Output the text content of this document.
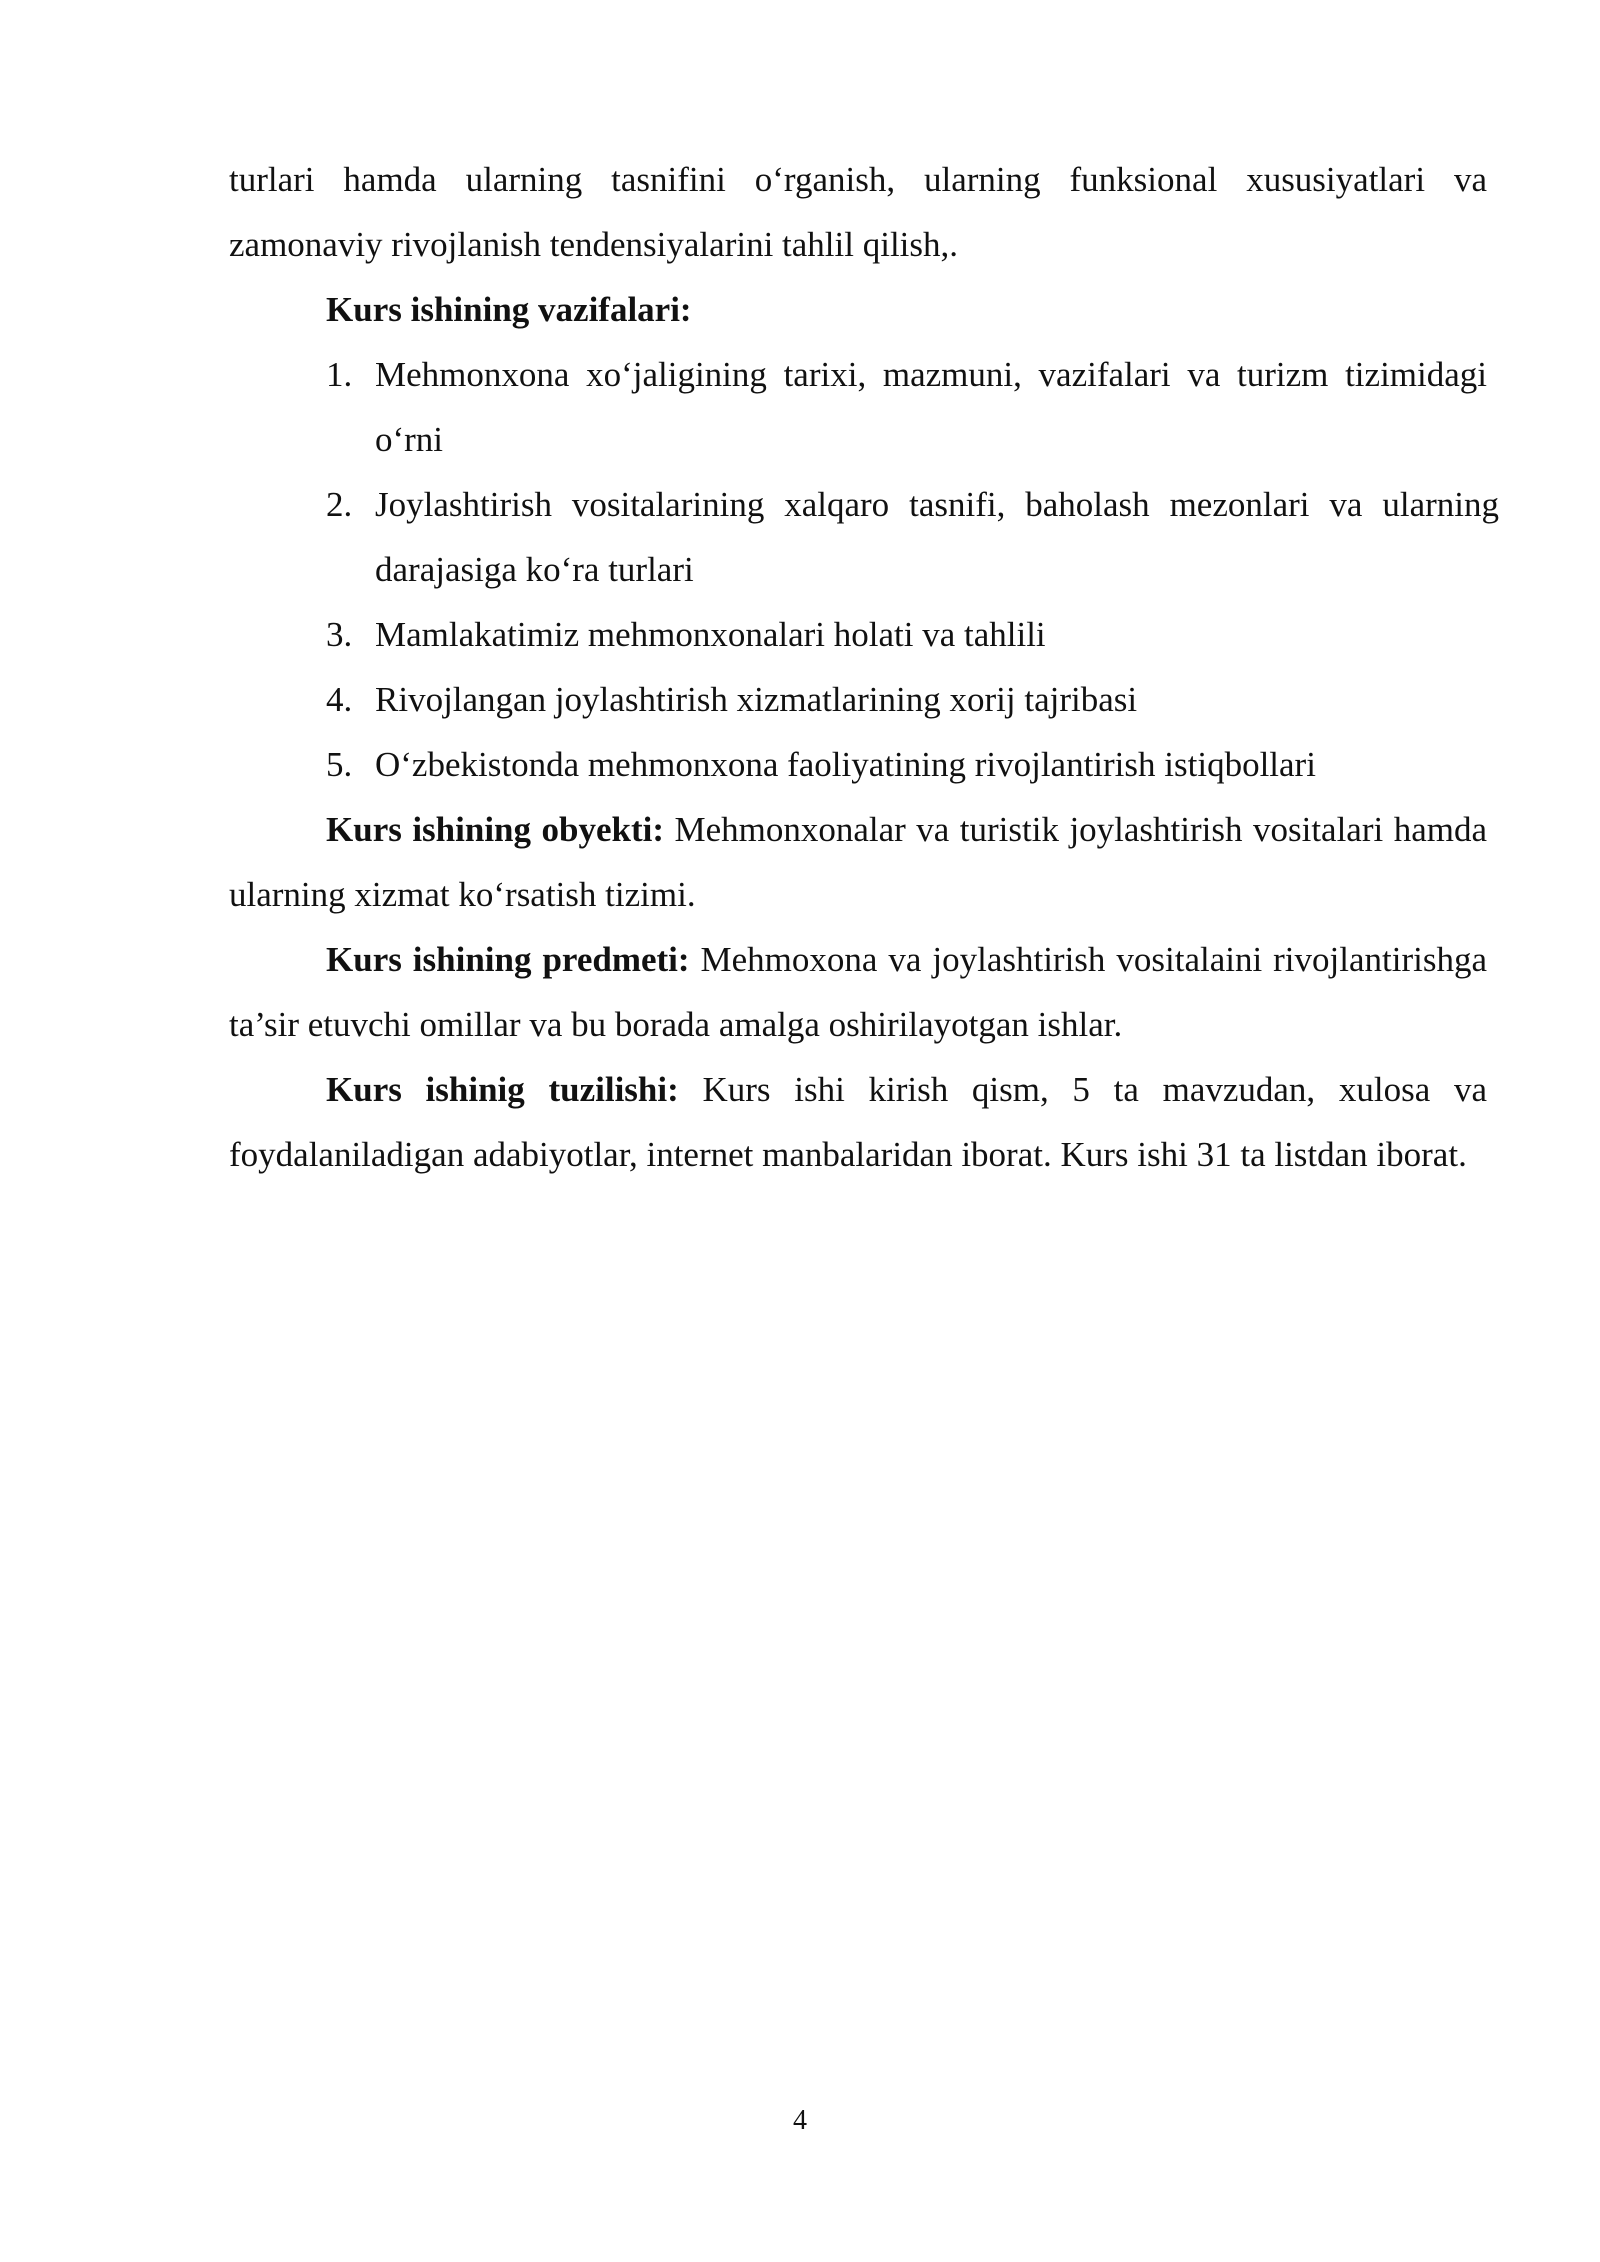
turlari hamda ularning tasnifini o‘rganish, ularning funksional xususiyatlari va zamonaviy rivojlanish tendensiyalarini tahlil qilish,.

Kurs ishining vazifalari:

1. Mehmonxona xo‘jaligining tarixi, mazmuni, vazifalari va turizm tizimidagi o‘rni
2. Joylashtirish vositalarining xalqaro tasnifi, baholash mezonlari va ularning darajasiga ko‘ra turlari
3. Mamlakatimiz mehmonxonalari holati va tahlili
4. Rivojlangan joylashtirish xizmatlarining xorij tajribasi
5. O‘zbekistonda mehmonxona faoliyatining rivojlantirish istiqbollari

Kurs ishining obyekti: Mehmonxonalar va turistik joylashtirish vositalari hamda ularning xizmat ko‘rsatish tizimi.

Kurs ishining predmeti: Mehmoxona va joylashtirish vositalaini rivojlantirishga ta’sir etuvchi omillar va bu borada amalga oshirilayotgan ishlar.

Kurs ishinig tuzilishi: Kurs ishi kirish qism, 5 ta mavzudan, xulosa va foydalaniladigan adabiyotlar, internet manbalaridan iborat. Kurs ishi 31 ta listdan iborat.

4
